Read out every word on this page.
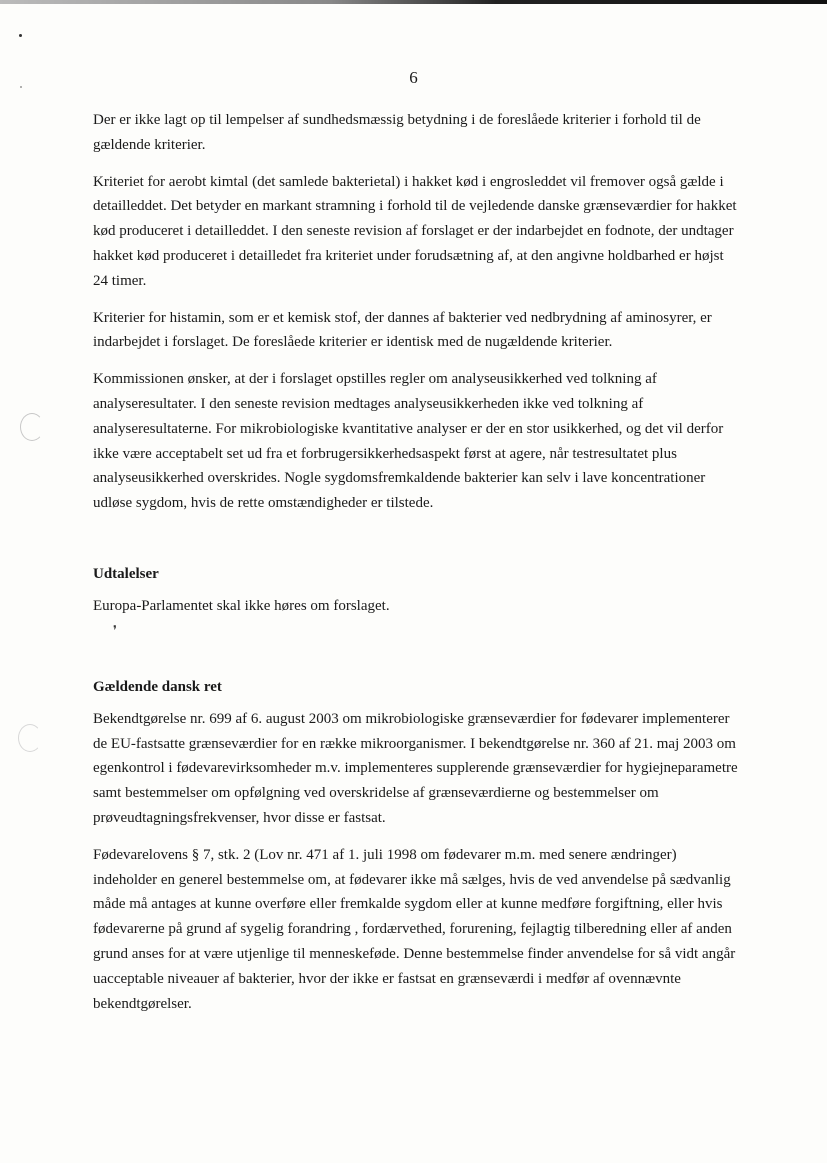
6

Der er ikke lagt op til lempelser af sundhedsmæssig betydning i de foreslåede kriterier i forhold til de gældende kriterier.

Kriteriet for aerobt kimtal (det samlede bakterietal) i hakket kød i engrosleddet vil fremover også gælde i detailleddet. Det betyder en markant stramning i forhold til de vejledende danske grænseværdier for hakket kød produceret i detailleddet. I den seneste revision af forslaget er der indarbejdet en fodnote, der undtager hakket kød produceret i detailledet fra kriteriet under forudsætning af, at den angivne holdbarhed er højst 24 timer.

Kriterier for histamin, som er et kemisk stof, der dannes af bakterier ved nedbrydning af aminosyrer, er indarbejdet i forslaget. De foreslåede kriterier er identisk med de nugældende kriterier.

Kommissionen ønsker, at der i forslaget opstilles regler om analyseusikkerhed ved tolkning af analyseresultater. I den seneste revision medtages analyseusikkerheden ikke ved tolkning af analyseresultaterne. For mikrobiologiske kvantitative analyser er der en stor usikkerhed, og det vil derfor ikke være acceptabelt set ud fra et forbrugersikkerhedsaspekt først at agere, når testresultatet plus analyseusikkerhed overskrides. Nogle sygdomsfremkaldende bakterier kan selv i lave koncentrationer udløse sygdom, hvis de rette omstændigheder er tilstede.

Udtalelser

Europa-Parlamentet skal ikke høres om forslaget.

❜
Gældende dansk ret

Bekendtgørelse nr. 699 af 6. august 2003 om mikrobiologiske grænseværdier for fødevarer implementerer de EU-fastsatte grænseværdier for en række mikroorganismer. I bekendtgørelse nr. 360 af 21. maj 2003 om egenkontrol i fødevarevirksomheder m.v. implementeres supplerende grænseværdier for hygiejneparametre samt bestemmelser om opfølgning ved overskridelse af grænseværdierne og bestemmelser om prøveudtagningsfrekvenser, hvor disse er fastsat.

Fødevarelovens § 7, stk. 2 (Lov nr. 471 af 1. juli 1998 om fødevarer m.m. med senere ændringer) indeholder en generel bestemmelse om, at fødevarer ikke må sælges, hvis de ved anvendelse på sædvanlig måde må antages at kunne overføre eller fremkalde sygdom eller at kunne medføre forgiftning, eller hvis fødevarerne på grund af sygelig forandring , fordærvethed, forurening, fejlagtig tilberedning eller af anden grund anses for at være utjenlige til menneskeføde. Denne bestemmelse finder anvendelse for så vidt angår uacceptable niveauer af bakterier, hvor der ikke er fastsat en grænseværdi i medfør af ovennævnte bekendtgørelser.
